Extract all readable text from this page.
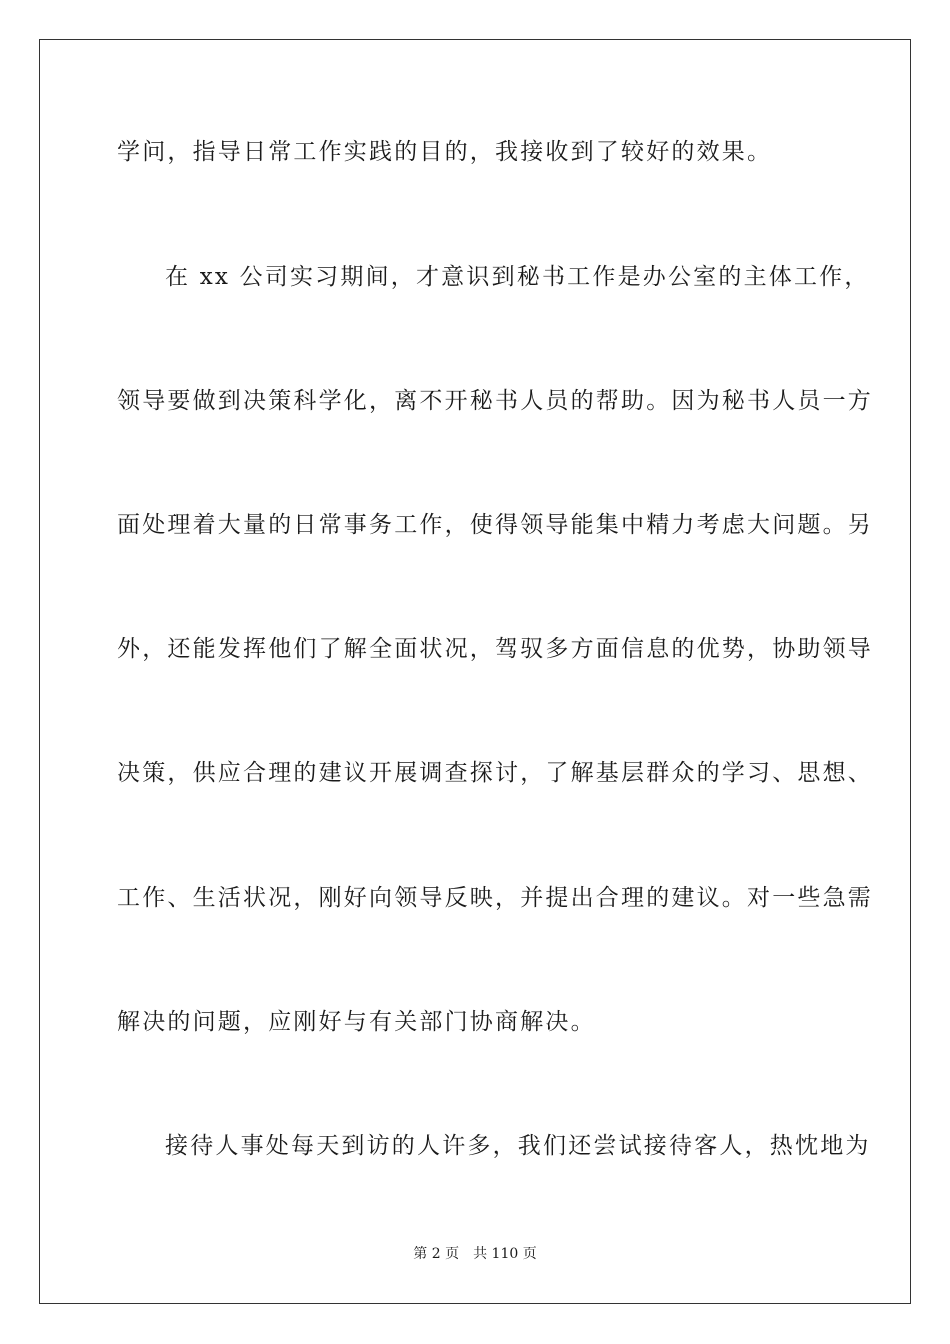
学问，指导日常工作实践的目的，我接收到了较好的效果。
在 xx 公司实习期间，才意识到秘书工作是办公室的主体工作，
领导要做到决策科学化，离不开秘书人员的帮助。因为秘书人员一方
面处理着大量的日常事务工作，使得领导能集中精力考虑大问题。另
外，还能发挥他们了解全面状况，驾驭多方面信息的优势，协助领导
决策，供应合理的建议开展调查探讨，了解基层群众的学习、思想、
工作、生活状况，刚好向领导反映，并提出合理的建议。对一些急需
解决的问题，应刚好与有关部门协商解决。
接待人事处每天到访的人许多，我们还尝试接待客人，热忱地为
第 2 页 共 110 页
